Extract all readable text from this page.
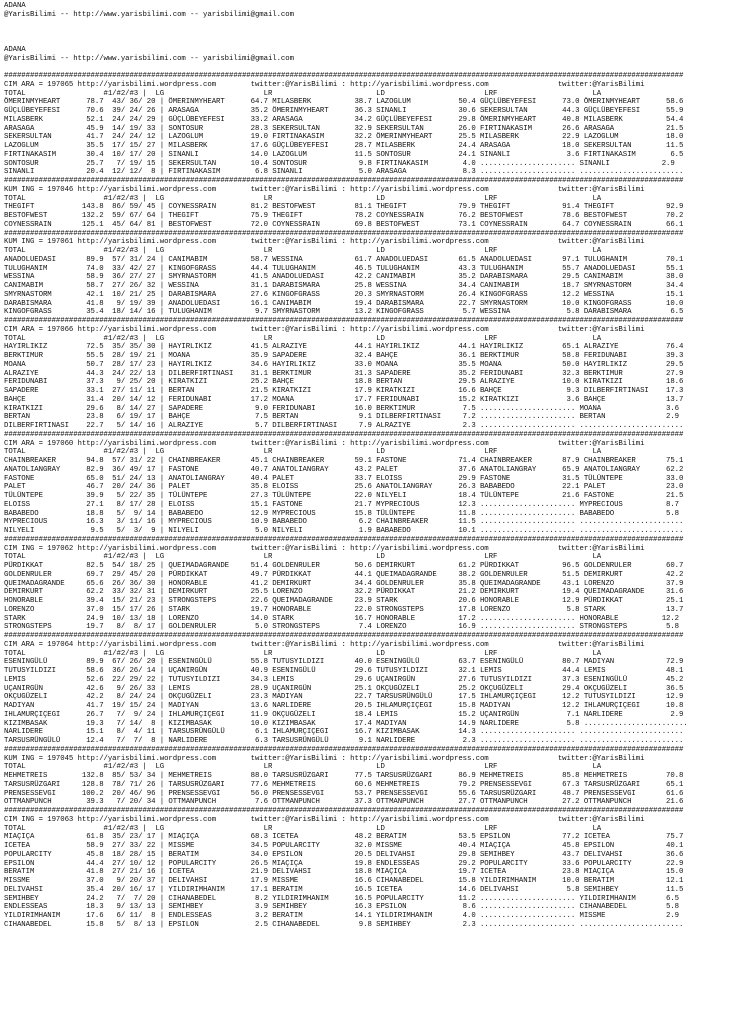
ADANA
@YarisBilimi -- http://www.yarisbilimi.com -- yarisbilimi@gmail.com
ADANA
@YarisBilimi -- http://www.yarisbilimi.com -- yarisbilimi@gmail.com
#############################################################################################################################################################
CIM ARA = 197065 http://yarisbilimi.wordpress.com        twitter:@YarisBilimi : http://yarisbilimi.wordpress.com                twitter:@YarisBilimi
TOTAL                  #1/#2/#3 |  LG                       LR                        LD                       LRF                      LA
ÖMERINMYHEART      78.7  43/ 36/ 20 | ÖMERINMYHEART      64.7 MILASBERK          38.7 LAZOGLUM           50.4 GÜÇLÜBEYEFESI      73.0 ÖMERINMYHEART      58.6
GÜÇLÜBEYEFESI      70.6  39/ 24/ 26 | ARASAGA            35.2 ÖMERINMYHEART      36.3 SINANLI            30.6 SEKERSULTAN        44.3 GÜÇLÜBEYEFESI      55.9
MILASBERK          52.1  24/ 24/ 29 | GÜÇLÜBEYEFESI      33.2 ARASAGA            34.2 GÜÇLÜBEYEFESI      29.8 ÖMERINMYHEART      40.8 MILASBERK          54.4
ARASAGA            45.9  14/ 19/ 33 | SONTOSUR           28.3 SEKERSULTAN        32.9 SEKERSULTAN        26.0 FIRTINAKASIM       26.6 ARASAGA            21.5
SEKERSULTAN        41.7  24/ 24/ 12 | LAZOGLUM           19.0 FIRTINAKASIM       32.2 ÖMERINMYHEART      25.5 MILASBERK          22.9 LAZOGLUM           18.0
LAZOGLUM           35.5  17/ 15/ 27 | MILASBERK          17.6 GÜÇLÜBEYEFESI      28.7 MILASBERK          24.4 ARASAGA            18.0 SEKERSULTAN        11.5
FIRTINAKASIM       30.4  10/ 17/ 20 | SINANLI            14.0 LAZOGLUM           11.5 SONTOSUR           24.1 SINANLI             3.6 FIRTINAKASIM        6.5
SONTOSUR           25.7   7/ 19/ 15 | SEKERSULTAN        10.4 SONTOSUR            9.8 FIRTINAKASIM        4.0 ...................... SINANLI            2.9
SINANLI            20.4  12/ 12/  8 | FIRTINAKASIM        6.8 SINANLI             5.0 ARASAGA             8.3 ...................... ........................
#############################################################################################################################################################
KUM ING = 197046 http://yarisbilimi.wordpress.com        twitter:@YarisBilimi : http://yarisbilimi.wordpress.com                twitter:@YarisBilimi
TOTAL                  #1/#2/#3 |  LG                       LR                        LD                       LRF                      LA
THEGIFT           143.8  86/ 59/ 45 | COYNESSRAIN        81.2 BESTOFWEST         81.1 THEGIFT            79.9 THEGIFT            91.4 THEGIFT            92.9
BESTOFWEST        132.2  59/ 67/ 64 | THEGIFT            75.9 THEGIFT            78.2 COYNESSRAIN        76.2 BESTOFWEST         78.6 BESTOFWEST         70.2
COYNESSRAIN       125.1  45/ 64/ 81 | BESTOFWEST         72.0 COYNESSRAIN        69.8 BESTOFWEST         73.1 COYNESSRAIN        64.7 COYNESSRAIN        66.1
#############################################################################################################################################################
KUM ING = 197061 http://yarisbilimi.wordpress.com        twitter:@YarisBilimi : http://yarisbilimi.wordpress.com                twitter:@YarisBilimi
TOTAL                  #1/#2/#3 |  LG                       LR                        LD                       LRF                      LA
ANADOLUEDASI       89.9  57/ 31/ 24 | CANIMABIM          58.7 WESSINA            61.7 ANADOLUEDASI       61.5 ANADOLUEDASI       97.1 TULUGHANIM         70.1
TULUGHANIM         74.0  33/ 42/ 27 | KINGOFGRASS        44.4 TULUGHANIM         46.5 TULUGHANIM         43.3 TULUGHANIM         55.7 ANADOLUEDASI       55.1
WESSINA            58.9  36/ 27/ 27 | SMYRNASTORM        41.5 ANADOLUEDASI       42.2 CANIMABIM          35.2 DARABISMARA        29.5 CANIMABIM          38.0
CANIMABIM          58.7  27/ 26/ 32 | WESSINA            31.1 DARABISMARA        25.8 WESSINA            34.4 CANIMABIM          18.7 SMYRNASTORM        34.4
SMYRNASTORM        42.1  10/ 21/ 25 | DARABISMARA        27.6 KINGOFGRASS        20.3 SMYRNASTORM        26.4 KINGOFGRASS        12.2 WESSINA            15.1
DARABISMARA        41.8   9/ 19/ 39 | ANADOLUEDASI       16.1 CANIMABIM          19.4 DARABISMARA        22.7 SMYRNASTORM        10.0 KINGOFGRASS        10.0
KINGOFGRASS        35.4  18/ 14/ 16 | TULUGHANIM          9.7 SMYRNASTORM        13.2 KINGOFGRASS         5.7 WESSINA             5.8 DARABISMARA         6.5
#############################################################################################################################################################
CIM ARA = 197066 http://yarisbilimi.wordpress.com        twitter:@YarisBilimi : http://yarisbilimi.wordpress.com                twitter:@YarisBilimi
TOTAL                  #1/#2/#3 |  LG                       LR                        LD                       LRF                      LA
HAYIRLIKIZ         72.5  35/ 35/ 30 | HAYIRLIKIZ         41.5 ALRAZIYE           44.1 HAYIRLIKIZ         44.1 HAYIRLIKIZ         65.1 ALRAZIYE           76.4
BERKTIMUR          55.5  28/ 19/ 21 | MOANA              35.9 SAPADERE           32.4 BAHÇE              36.1 BERKTIMUR          58.8 FERIDUNABI         39.3
MOANA              50.7  28/ 17/ 23 | HAYIRLIKIZ         34.6 HAYIRLIKIZ         33.0 MOANA              35.5 MOANA              50.0 HAYIRLIKIZ         29.5
ALRAZIYE           44.3  24/ 22/ 13 | DILBERFIRTINASI    31.1 BERKTIMUR          31.3 SAPADERE           35.2 FERIDUNABI         32.3 BERKTIMUR          27.9
FERIDUNABI         37.3   9/ 25/ 20 | KIRATKIZI          25.2 BAHÇE              18.8 BERTAN             29.5 ALRAZIYE           10.0 KIRATKIZI          18.6
SAPADERE           33.1  27/ 11/ 11 | BERTAN             21.5 KIRATKIZI          17.9 KIRATKIZI          16.6 BAHÇE               9.3 DILBERFIRTINASI    17.3
BAHÇE              31.4  20/ 14/ 12 | FERIDUNABI         17.2 MOANA              17.7 FERIDUNABI         15.2 KIRATKIZI           3.6 BAHÇE              13.7
KIRATKIZI          29.6   8/ 14/ 27 | SAPADERE            9.0 FERIDUNABI         16.0 BERKTIMUR           7.5 ...................... MOANA               3.6
BERTAN             23.8   6/ 19/ 17 | BAHÇE               7.5 BERTAN              9.1 DILBERFIRTINASI     7.2 ...................... BERTAN              2.9
DILBERFIRTINASI    22.7   5/ 14/ 16 | ALRAZIYE            5.7 DILBERFIRTINASI     7.9 ALRAZIYE            2.3 ...................... ........................
#############################################################################################################################################################
CIM ARA = 197060 http://yarisbilimi.wordpress.com        twitter:@YarisBilimi : http://yarisbilimi.wordpress.com                twitter:@YarisBilimi
TOTAL                  #1/#2/#3 |  LG                       LR                        LD                       LRF                      LA
CHAINBREAKER       94.8  57/ 31/ 22 | CHAINBREAKER       45.1 CHAINBREAKER       59.1 FASTONE            71.4 CHAINBREAKER       87.9 CHAINBREAKER       75.1
ANATOLIANGRAY      82.9  36/ 49/ 17 | FASTONE            40.7 ANATOLIANGRAY      43.2 PALET              37.6 ANATOLIANGRAY      65.9 ANATOLIANGRAY      62.2
FASTONE            65.0  51/ 24/ 13 | ANATOLIANGRAY      40.4 PALET              33.7 ELOISS             29.9 FASTONE            31.5 TÜLÜNTEPE          33.0
PALET              46.7  20/ 24/ 36 | PALET              35.8 ELOISS             25.6 ANATOLIANGRAY      26.3 BABABEDO           22.1 PALET              23.0
TÜLÜNTEPE          39.9   5/ 22/ 35 | TÜLÜNTEPE          27.3 TÜLÜNTEPE          22.0 NILYELI            18.4 TÜLÜNTEPE          21.6 FASTONE            21.5
ELOISS             27.1   8/ 17/ 28 | ELOISS             15.1 FASTONE            21.7 MYPRECIOUS         12.3 ...................... MYPRECIOUS          8.7
BABABEDO           18.8   5/  9/ 14 | BABABEDO           12.9 MYPRECIOUS         15.8 TÜLÜNTEPE          11.8 ...................... BABABEDO            5.8
MYPRECIOUS         16.3   3/ 11/ 16 | MYPRECIOUS         10.9 BABABEDO            6.2 CHAINBREAKER       11.5 ...................... ........................
NILYELI             9.5   5/  3/  9 | NILYELI             5.0 NILYELI             1.9 BABABEDO           10.1 ...................... ........................
#############################################################################################################################################################
CIM ING = 197062 http://yarisbilimi.wordpress.com        twitter:@YarisBilimi : http://yarisbilimi.wordpress.com                twitter:@YarisBilimi
TOTAL                  #1/#2/#3 |  LG                       LR                        LD                       LRF                      LA
PÜRDIKKAT          82.5  54/ 18/ 25 | QUEIMADAGRANDE     51.4 GOLDENRULER        50.6 DEMIRKURT          61.2 PÜRDIKKAT          96.5 GOLDENRULER        60.7
GOLDENRULER        69.7  29/ 45/ 20 | PÜRDIKKAT          49.7 PÜRDIKKAT          44.1 QUEIMADAGRANDE     38.2 GOLDENRULER        51.5 DEMIRKURT          42.2
QUEIMADAGRANDE     65.6  26/ 36/ 30 | HONORABLE          41.2 DEMIRKURT          34.4 GOLDENRULER        35.8 QUEIMADAGRANDE     43.1 LORENZO            37.9
DEMIRKURT          62.2  33/ 32/ 31 | DEMIRKURT          25.5 LORENZO            32.2 PÜRDIKKAT          21.2 DEMIRKURT          19.4 QUEIMADAGRANDE     31.6
HONORABLE          39.4  15/ 21/ 23 | STRONGSTEPS        22.6 QUEIMADAGRANDE     23.9 STARK              20.6 HONORABLE          12.9 PÜRDIKKAT          25.1
LORENZO            37.0  15/ 17/ 26 | STARK              19.7 HONORABLE          22.0 STRONGSTEPS        17.8 LORENZO             5.8 STARK              13.7
STARK              24.9  10/ 13/ 18 | LORENZO            14.0 STARK              16.7 HONORABLE          17.2 ...................... HONORABLE          12.2
STRONGSTEPS        19.7   8/  8/ 17 | GOLDENRULER         5.0 STRONGSTEPS         7.4 LORENZO            16.9 ...................... STRONGSTEPS         5.8
#############################################################################################################################################################
CIM ARA = 197064 http://yarisbilimi.wordpress.com        twitter:@YarisBilimi : http://yarisbilimi.wordpress.com                twitter:@YarisBilimi
TOTAL                  #1/#2/#3 |  LG                       LR                        LD                       LRF                      LA
ESENINGÜLÜ         89.9  67/ 26/ 20 | ESENINGÜLÜ         55.8 TUTUSYILDIZI       40.0 ESENINGÜLÜ         63.7 ESENINGÜLÜ         80.7 MADIYAN            72.9
TUTUSYILDIZI       58.6  36/ 26/ 14 | UÇANIRGÜN          40.9 ESENINGÜLÜ         29.6 TUTUSYILDIZI       32.1 LEMIS              44.4 LEMIS              48.1
LEMIS              52.6  22/ 29/ 22 | TUTUSYILDIZI       34.3 LEMIS              29.6 UÇANIRGÜN          27.6 TUTUSYILDIZI       37.3 ESENINGÜLÜ         45.2
UÇANIRGÜN          42.6   9/ 26/ 33 | LEMIS              28.9 UÇANIRGÜN          25.1 OKÇUGÜZELI         25.2 OKÇUGÜZELI         29.4 OKÇUGÜZELI         36.5
OKÇUGÜZELI         42.2   8/ 24/ 24 | OKÇUGÜZELI         23.3 MADIYAN            22.7 TARSUSRÜNGÜLÜ      17.5 IHLAMURÇIÇEGI      12.2 TUTUSYILDIZI       12.9
MADIYAN            41.7  19/ 15/ 24 | MADIYAN            13.6 NARLIDERE          20.5 IHLAMURÇIÇEGI      15.8 MADIYAN            12.2 IHLAMURÇIÇEGI      10.8
IHLAMURÇIÇEGI      26.7   7/  9/ 24 | IHLAMURÇIÇEGI      11.9 OKÇUGÜZELI         18.4 LEMIS              15.2 UÇANIRGÜN           7.1 NARLIDERE           2.9
KIZIMBASAK         19.3   7/ 14/  8 | KIZIMBASAK         10.0 KIZIMBASAK         17.4 MADIYAN            14.9 NARLIDERE           5.8 ........................
NARLIDERE          15.1   8/  4/ 11 | TARSUSRÜNGÜLÜ       6.1 IHLAMURÇIÇEGI      16.7 KIZIMBASAK         14.3 ...................... ........................
TARSUSRÜNGÜLÜ      12.4   7/  7/  8 | NARLIDERE           6.3 TARSUSRÜNGÜLÜ       9.1 NARLIDERE           2.3 ...................... ........................
#############################################################################################################################################################
KUM ING = 197045 http://yarisbilimi.wordpress.com        twitter:@YarisBilimi : http://yarisbilimi.wordpress.com                twitter:@YarisBilimi
TOTAL                  #1/#2/#3 |  LG                       LR                        LD                       LRF                      LA
MEHMETREIS        132.8  85/ 53/ 34 | MEHMETREIS         88.0 TARSUSRÜZGARI      77.5 TARSUSRÜZGARI      86.9 MEHMETREIS         85.8 MEHMETREIS         70.8
TARSUSRÜZGARI     128.8  78/ 71/ 26 | TARSUSRÜZGARI      77.6 MEHMETREIS         60.6 MEHMETREIS         79.2 PRENSESSEVGI       67.3 TARSUSRÜZGARI      65.1
PRENSESSEVGI      100.2  20/ 46/ 96 | PRENSESSEVGI       56.0 PRENSESSEVGI       53.7 PRENSESSEVGI       55.6 TARSUSRÜZGARI      48.7 PRENSESSEVGI       61.6
OTTMANPUNCH        39.3   7/ 20/ 34 | OTTMANPUNCH         7.6 OTTMANPUNCH        37.3 OTTMANPUNCH        27.7 OTTMANPUNCH        27.2 OTTMANPUNCH        21.6
#############################################################################################################################################################
CIM ING = 197063 http://yarisbilimi.wordpress.com        twitter:@YarisBilimi : http://yarisbilimi.wordpress.com                twitter:@YarisBilimi
TOTAL                  #1/#2/#3 |  LG                       LR                        LD                       LRF                      LA
MIAÇIÇA            61.8  35/ 23/ 17 | MIAÇIÇA            68.3 ICETEA             48.2 BERATIM            53.5 EPSILON            77.2 ICETEA             75.7
ICETEA             58.9  27/ 33/ 22 | MISSME             34.5 POPULARCITY        32.0 MISSME             40.4 MIAÇIÇA            45.8 EPSILON            40.1
POPULARCITY        45.8  18/ 28/ 15 | BERATIM            34.0 EPSILON            20.5 DELIVAHSI          29.8 SEMIHBEY           43.7 DELIVAHSI          36.6
EPSILON            44.4  27/ 10/ 12 | POPULARCITY        26.5 MIAÇIÇA            19.8 ENDLESSEAS         29.2 POPULARCITY        33.6 POPULARCITY        22.9
BERATIM            41.8  27/ 21/ 16 | ICETEA             21.9 DELIVAHSI          18.8 MIAÇIÇA            19.7 ICETEA             23.8 MIAÇIÇA            15.0
MISSME             37.0   9/ 20/ 37 | DELIVAHSI          17.9 MISSME             16.6 CIHANABEDEL        15.8 YILDIRIMHANIM      10.0 BERATIM            12.1
DELIVAHSI          35.4  20/ 16/ 17 | YILDIRIMHANIM      17.1 BERATIM            16.5 ICETEA             14.6 DELIVAHSI           5.8 SEMIHBEY           11.5
SEMIHBEY           24.2   7/  7/ 20 | CIHANABEDEL         8.2 YILDIRIMHANIM      16.5 POPULARCITY        11.2 ...................... YILDIRIMHANIM       6.5
ENDLESSEAS         18.3   9/ 13/ 13 | SEMIHBEY            3.9 SEMIHBEY           16.3 EPSILON             8.6 ...................... CIHANABEDEL         5.8
YILDIRIMHANIM      17.6   6/ 11/  8 | ENDLESSEAS          3.2 BERATIM            14.1 YILDIRIMHANIM       4.0 ...................... MISSME              2.9
CIHANABEDEL        15.8   5/  8/ 13 | EPSILON             2.5 CIHANABEDEL         9.8 SEMIHBEY            2.3 ...................... ........................
